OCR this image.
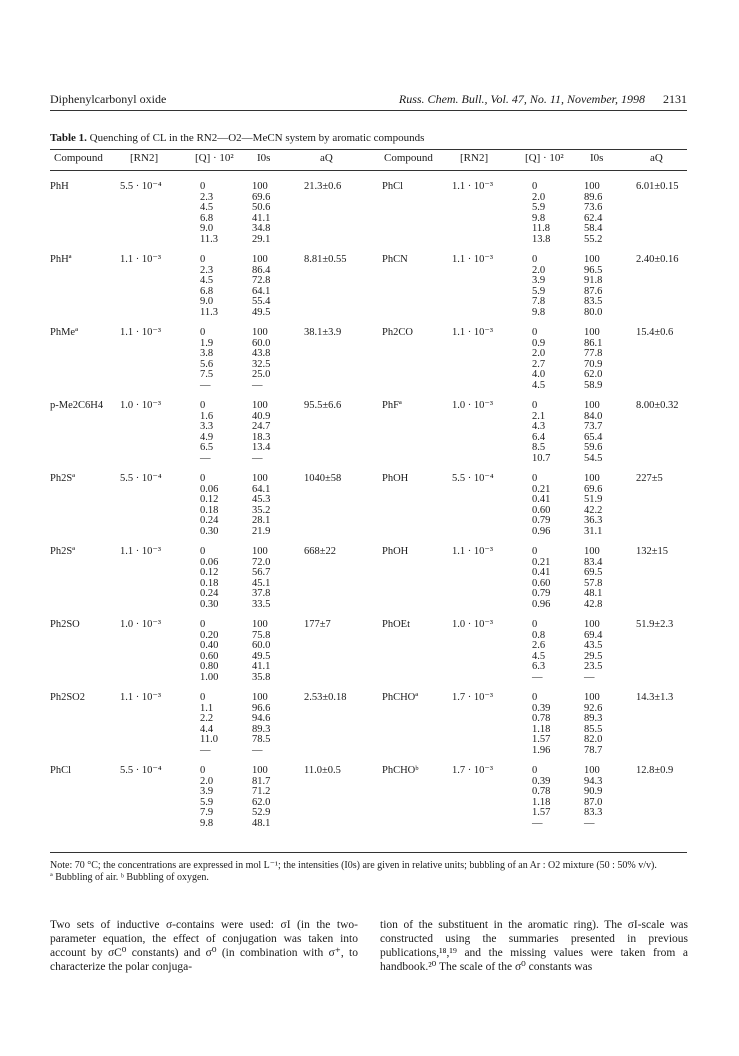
Diphenylcarbonyl oxide	Russ. Chem. Bull., Vol. 47, No. 11, November, 1998 2131
Table 1. Quenching of CL in the RN2—O2—MeCN system by aromatic compounds
Compound [RN2]	[Q] · 10² I0s	aQ	Compound [RN2]	[Q] · 10² I0s	aQ
PhH	5.5 · 10⁻⁴	0	100	21.3±0.6
2.3	69.6
4.5	50.6
6.8	41.1
9.0	34.8
11.3	29.1
PhHª	1.1 · 10⁻³	0	100	8.81±0.55
2.3	86.4
4.5	72.8
6.8	64.1
9.0	55.4
11.3	49.5
PhMeª	1.1 · 10⁻³	0	100	38.1±3.9
1.9	60.0
3.8	43.8
5.6	32.5
7.5	25.0
—	—
p-Me2C6H4 1.0 · 10⁻³	0	100	95.5±6.6
1.6	40.9
3.3	24.7
4.9	18.3
6.5	13.4
—	—
Ph2Sª	5.5 · 10⁻⁴	0	100	1040±58
0.06	64.1
0.12	45.3
0.18	35.2
0.24	28.1
0.30	21.9
Ph2Sª	1.1 · 10⁻³	0	100	668±22
0.06	72.0
0.12	56.7
0.18	45.1
0.24	37.8
0.30	33.5
Ph2SO	1.0 · 10⁻³	0	100	177±7
0.20	75.8
0.40	60.0
0.60	49.5
0.80	41.1
1.00	35.8
Ph2SO2	1.1 · 10⁻³	0	100	2.53±0.18
1.1	96.6
2.2	94.6
4.4	89.3
11.0	78.5
—	—
PhCl	5.5 · 10⁻⁴	0	100	11.0±0.5
2.0	81.7
3.9	71.2
5.9	62.0
7.9	52.9
9.8	48.1
PhCl	1.1 · 10⁻³	0	100	6.01±0.15
2.0	89.6
5.9	73.6
9.8	62.4
11.8	58.4
13.8	55.2
PhCN	1.1 · 10⁻³	0	100	2.40±0.16
2.0	96.5
3.9	91.8
5.9	87.6
7.8	83.5
9.8	80.0
Ph2CO	1.1 · 10⁻³	0	100	15.4±0.6
0.9	86.1
2.0	77.8
2.7	70.9
4.0	62.0
4.5	58.9
PhFª	1.0 · 10⁻³	0	100	8.00±0.32
2.1	84.0
4.3	73.7
6.4	65.4
8.5	59.6
10.7	54.5
PhOH	5.5 · 10⁻⁴	0	100	227±5
0.21	69.6
0.41	51.9
0.60	42.2
0.79	36.3
0.96	31.1
PhOH	1.1 · 10⁻³	0	100	132±15
0.21	83.4
0.41	69.5
0.60	57.8
0.79	48.1
0.96	42.8
PhOEt	1.0 · 10⁻³	0	100	51.9±2.3
0.8	69.4
2.6	43.5
4.5	29.5
6.3	23.5
—	—
PhCHOª	1.7 · 10⁻³	0	100	14.3±1.3
0.39	92.6
0.78	89.3
1.18	85.5
1.57	82.0
1.96	78.7
PhCHOᵇ	1.7 · 10⁻³	0	100	12.8±0.9
0.39	94.3
0.78	90.9
1.18	87.0
1.57	83.3
—	—
Note: 70 °C; the concentrations are expressed in mol L⁻¹; the intensities (I0s) are given in relative units; bubbling of an Ar : O2 mixture (50 : 50% v/v).
ª Bubbling of air. ᵇ Bubbling of oxygen.
Two sets of inductive σ-contains were used: σI (in the two-parameter equation, the effect of conjugation was taken into account by σC⁰ constants) and σ⁰ (in combination with σ⁺, to characterize the polar conjuga-
tion of the substituent in the aromatic ring). The σI-scale was constructed using the summaries presented in previous publications,¹⁸,¹⁹ and the missing values were taken from a handbook.²⁰ The scale of the σ⁰ constants was
